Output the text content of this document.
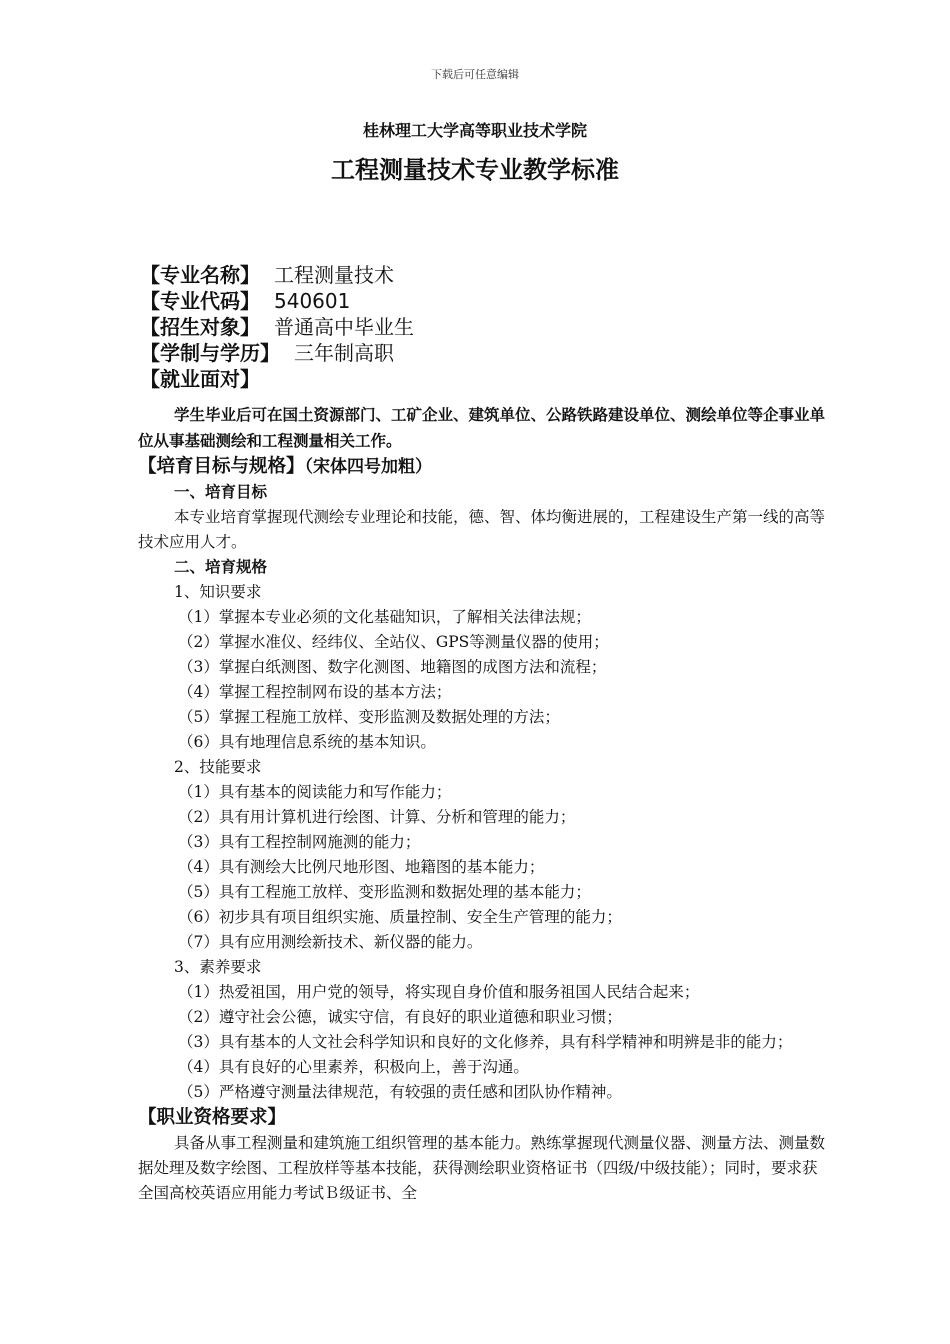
下载后可任意编辑
桂林理工大学高等职业技术学院
工程测量技术专业教学标准
【专业名称】 工程测量技术
【专业代码】 540601
【招生对象】 普通高中毕业生
【学制与学历】 三年制高职
【就业面对】

学生毕业后可在国土资源部门、工矿企业、建筑单位、公路铁路建设单位、测绘单位等企事业单位从事基础测绘和工程测量相关工作。

【培育目标与规格】（宋体四号加粗）

一、培育目标

本专业培育掌握现代测绘专业理论和技能，德、智、体均衡进展的，工程建设生产第一线的高等技术应用人才。

二、培育规格

1、知识要求

（1）掌握本专业必须的文化基础知识，了解相关法律法规；

（2）掌握水准仪、经纬仪、全站仪、GPS等测量仪器的使用；

（3）掌握白纸测图、数字化测图、地籍图的成图方法和流程；

（4）掌握工程控制网布设的基本方法；

（5）掌握工程施工放样、变形监测及数据处理的方法；

（6）具有地理信息系统的基本知识。

2、技能要求

（1）具有基本的阅读能力和写作能力；

（2）具有用计算机进行绘图、计算、分析和管理的能力；

（3）具有工程控制网施测的能力；

（4）具有测绘大比例尺地形图、地籍图的基本能力；

（5）具有工程施工放样、变形监测和数据处理的基本能力；

（6）初步具有项目组织实施、质量控制、安全生产管理的能力；

（7）具有应用测绘新技术、新仪器的能力。

3、素养要求

（1）热爱祖国，用户党的领导，将实现自身价值和服务祖国人民结合起来；

（2）遵守社会公德，诚实守信，有良好的职业道德和职业习惯；

（3）具有基本的人文社会科学知识和良好的文化修养，具有科学精神和明辨是非的能力；

（4）具有良好的心里素养，积极向上，善于沟通。

（5）严格遵守测量法律规范，有较强的责任感和团队协作精神。

【职业资格要求】

具备从事工程测量和建筑施工组织管理的基本能力。熟练掌握现代测量仪器、测量方法、测量数据处理及数字绘图、工程放样等基本技能，获得测绘职业资格证书（四级/中级技能）；同时，要求获全国高校英语应用能力考试Ｂ级证书、全
